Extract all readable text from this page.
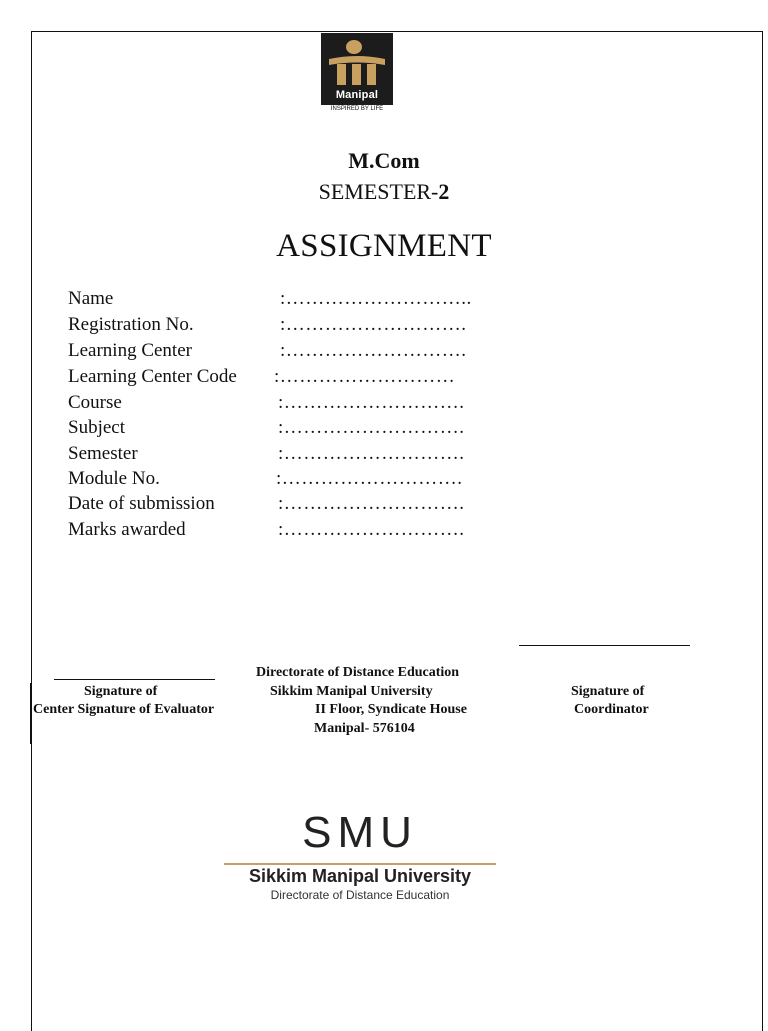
Manipal
INSPIRED BY LIFE
M.Com
SEMESTER-2
ASSIGNMENT
Name	:………………………..
Registration No.	:……………………….
Learning Center	:……………………….
Learning Center Code :………………………
Course	:……………………….
Subject	:……………………….
Semester	:……………………….
Module No.	:……………………….
Date of submission	:……………………….
Marks awarded	:……………………….
Signature of
Center Signature of Evaluator
Directorate of Distance Education
Sikkim Manipal University
II Floor, Syndicate House
Manipal- 576104
Signature of
Coordinator
SMU
Sikkim Manipal University
Directorate of Distance Education
